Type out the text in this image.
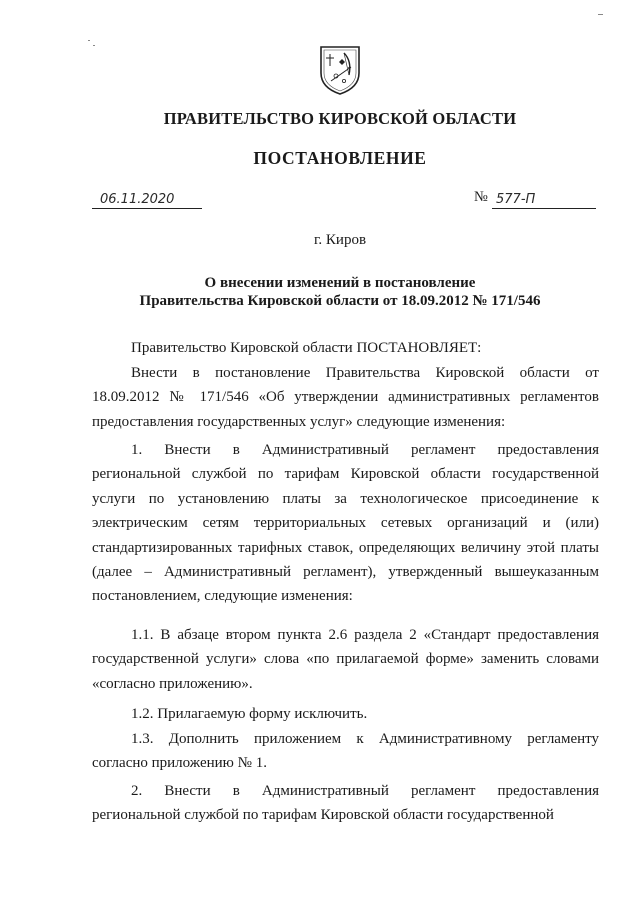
ПРАВИТЕЛЬСТВО КИРОВСКОЙ ОБЛАСТИ
ПОСТАНОВЛЕНИЕ
06.11.2020	№ 577-П
г. Киров
О внесении изменений в постановление
Правительства Кировской области от 18.09.2012 № 171/546

Правительство Кировской области ПОСТАНОВЛЯЕТ:

Внести в постановление Правительства Кировской области от 18.09.2012 № 171/546 «Об утверждении административных регламентов предоставления государственных услуг» следующие изменения:

1. Внести в Административный регламент предоставления региональной службой по тарифам Кировской области государственной услуги по установлению платы за технологическое присоединение к электрическим сетям территориальных сетевых организаций и (или) стандартизированных тарифных ставок, определяющих величину этой платы (далее – Административный регламент), утвержденный вышеуказанным постановлением, следующие изменения:

1.1. В абзаце втором пункта 2.6 раздела 2 «Стандарт предоставления государственной услуги» слова «по прилагаемой форме» заменить словами «согласно приложению».

1.2. Прилагаемую форму исключить.

1.3. Дополнить приложением к Административному регламенту согласно приложению № 1.

2. Внести в Административный регламент предоставления региональной службой по тарифам Кировской области государственной
